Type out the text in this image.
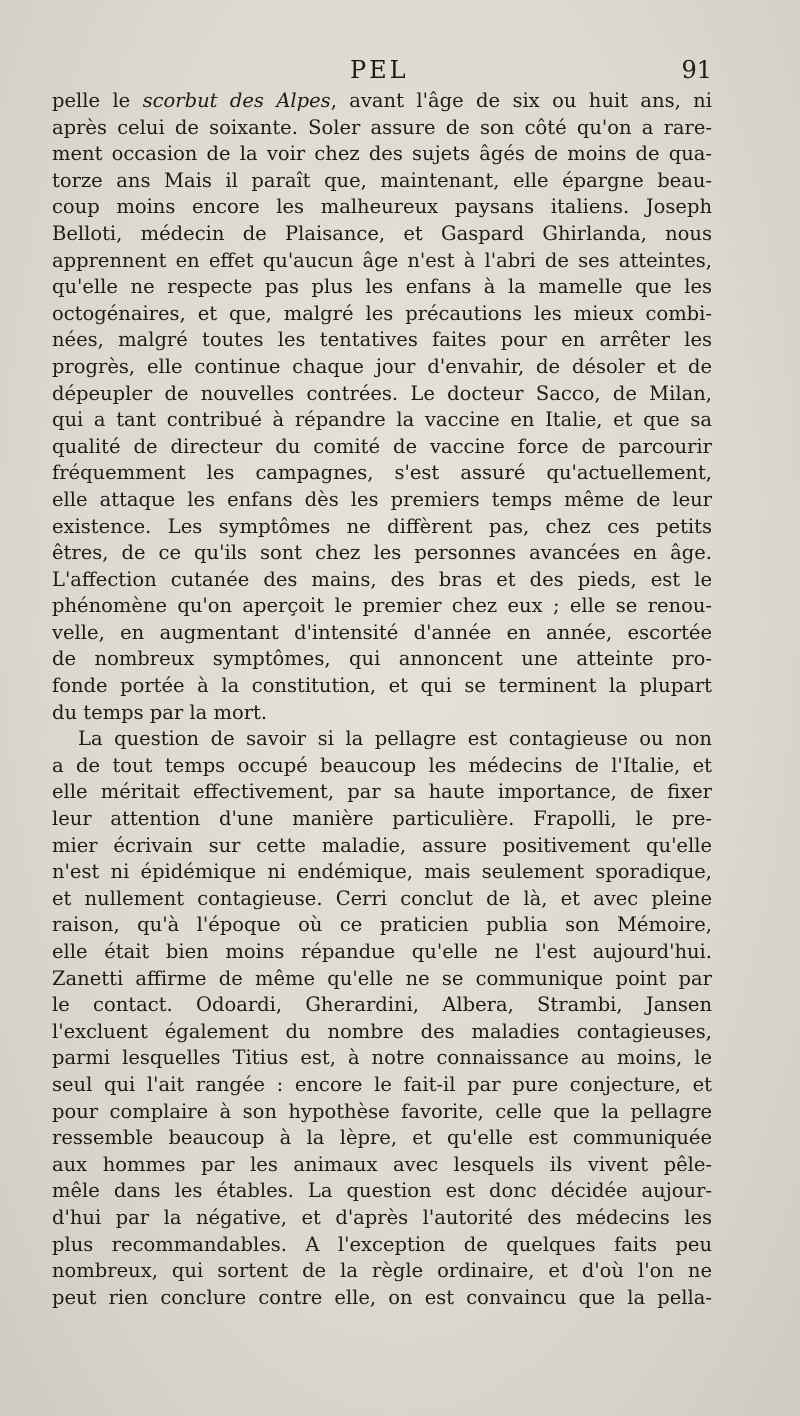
PEL	91
pelle le scorbut des Alpes, avant l'âge de six ou huit ans, ni
après celui de soixante. Soler assure de son côté qu'on a rare-
ment occasion de la voir chez des sujets âgés de moins de qua-
torze ans Mais il paraît que, maintenant, elle épargne beau-
coup moins encore les malheureux paysans italiens. Joseph
Belloti, médecin de Plaisance, et Gaspard Ghirlanda, nous
apprennent en effet qu'aucun âge n'est à l'abri de ses atteintes,
qu'elle ne respecte pas plus les enfans à la mamelle que les
octogénaires, et que, malgré les précautions les mieux combi-
nées, malgré toutes les tentatives faites pour en arrêter les
progrès, elle continue chaque jour d'envahir, de désoler et de
dépeupler de nouvelles contrées. Le docteur Sacco, de Milan,
qui a tant contribué à répandre la vaccine en Italie, et que sa
qualité de directeur du comité de vaccine force de parcourir
fréquemment les campagnes, s'est assuré qu'actuellement,
elle attaque les enfans dès les premiers temps même de leur
existence. Les symptômes ne diffèrent pas, chez ces petits
êtres, de ce qu'ils sont chez les personnes avancées en âge.
L'affection cutanée des mains, des bras et des pieds, est le
phénomène qu'on aperçoit le premier chez eux ; elle se renou-
velle, en augmentant d'intensité d'année en année, escortée
de nombreux symptômes, qui annoncent une atteinte pro-
fonde portée à la constitution, et qui se terminent la plupart
du temps par la mort.
La question de savoir si la pellagre est contagieuse ou non
a de tout temps occupé beaucoup les médecins de l'Italie, et
elle méritait effectivement, par sa haute importance, de fixer
leur attention d'une manière particulière. Frapolli, le pre-
mier écrivain sur cette maladie, assure positivement qu'elle
n'est ni épidémique ni endémique, mais seulement sporadique,
et nullement contagieuse. Cerri conclut de là, et avec pleine
raison, qu'à l'époque où ce praticien publia son Mémoire,
elle était bien moins répandue qu'elle ne l'est aujourd'hui.
Zanetti affirme de même qu'elle ne se communique point par
le contact. Odoardi, Gherardini, Albera, Strambi, Jansen
l'excluent également du nombre des maladies contagieuses,
parmi lesquelles Titius est, à notre connaissance au moins, le
seul qui l'ait rangée : encore le fait-il par pure conjecture, et
pour complaire à son hypothèse favorite, celle que la pellagre
ressemble beaucoup à la lèpre, et qu'elle est communiquée
aux hommes par les animaux avec lesquels ils vivent pêle-
mêle dans les étables. La question est donc décidée aujour-
d'hui par la négative, et d'après l'autorité des médecins les
plus recommandables. A l'exception de quelques faits peu
nombreux, qui sortent de la règle ordinaire, et d'où l'on ne
peut rien conclure contre elle, on est convaincu que la pella-
